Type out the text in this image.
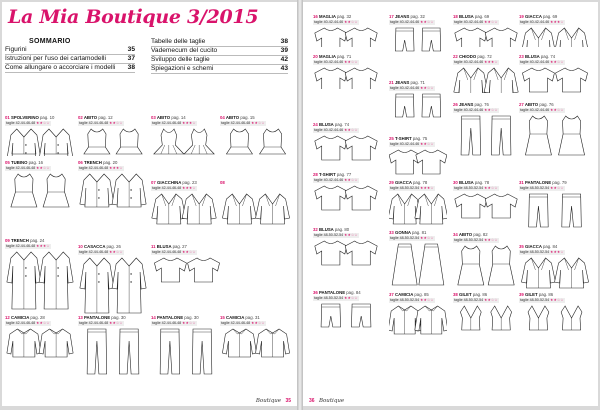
La Mia Boutique 3/2015
SOMMARIO
Figurini	35
Istruzioni per l'uso dei cartamodelli	37
Come allungare o accorciare i modelli 38
Tabelle delle taglie	38
Vademecum del cucito	39
Sviluppo delle taglie	42
Spiegazioni e schemi	43
01 SPOLVERINO pag. 10
taglie 42-44-46-48 ★★☆☆
02 ABITO pag. 12
taglie 42-44-46-48 ★★☆☆
03 ABITO pag. 14
taglie 42-44-46-48 ★★★☆
04 ABITO pag. 15
taglie 42-44-46-48 ★★☆☆
05 TUBINO pag. 16
taglie 42-44-46-48 ★★☆☆
06 TRENCH pag. 20
taglie 42-44-46-48 ★★★☆
07 GIACCHINA pag. 23
taglie 42-44-46-48 ★★★☆
08
09 TRENCH pag. 24
taglie 42-44-46-48 ★★★☆	10 CASACCA pag. 26
taglie 42-44-46-48 ★★☆☆
11 BLUSA pag. 27
taglie 42-44-46-48 ★★☆☆
12 CAMICIA pag. 28
taglie 42-44-46-48 ★★☆☆
13 PANTALONE pag. 30
taglie 42-44-46-48 ★★☆☆
14 PANTALONE pag. 30
taglie 42-44-46-48 ★★☆☆
15 CAMICIA pag. 31
taglie 42-44-46-48 ★★☆☆
Boutique 35
16 MAGLIA pag. 32
taglie 40-42-44-46 ★★☆☆
17 JEANS pag. 32
taglie 40-42-44-46 ★★☆☆
18 BLUSA pag. 69
taglie 40-42-44-46 ★★☆☆
19 GIACCA pag. 69
taglie 40-42-44-46 ★★★☆
20 MAGLIA pag. 71
taglie 40-42-44-46 ★★☆☆
21 JEANS pag. 71
taglie 40-42-44-46 ★★☆☆
22 CHIODO pag. 72
taglie 40-42-44-46 ★★★☆
23 BLUSA pag. 74
taglie 40-42-44-46 ★★☆☆
24 BLUSA pag. 74
taglie 40-42-44-46 ★★☆☆
25 T-SHIRT pag. 75
taglie 40-42-44-46 ★★☆☆
26 JEANS pag. 76
taglie 40-42-44-46 ★★☆☆
27 ABITO pag. 76
taglie 40-42-44-46 ★★☆☆
28 T-SHIRT pag. 77
taglie 40-42-44-46 ★★☆☆	29 GIACCA pag. 78
taglie 48-50-52-54 ★★★☆
30 BLUSA pag. 78
taglie 48-50-52-54 ★★☆☆
31 PANTALONE pag. 79
taglie 48-50-52-54 ★★☆☆
32 BLUSA pag. 80
taglie 48-50-52-54 ★★☆☆	33 GONNA pag. 81
taglie 48-50-52-54 ★★☆☆
34 ABITO pag. 82
taglie 48-50-52-54 ★★☆☆
35 GIACCA pag. 84
taglie 48-50-52-54 ★★★☆
36 PANTALONE pag. 84
taglie 48-50-52-54 ★★☆☆
37 CAMICIA pag. 85
taglie 48-50-52-54 ★★☆☆
38 GILET pag. 86
taglie 48-50-52-54 ★★☆☆
39 GILET pag. 86
taglie 48-50-52-54 ★★☆☆
36 Boutique
